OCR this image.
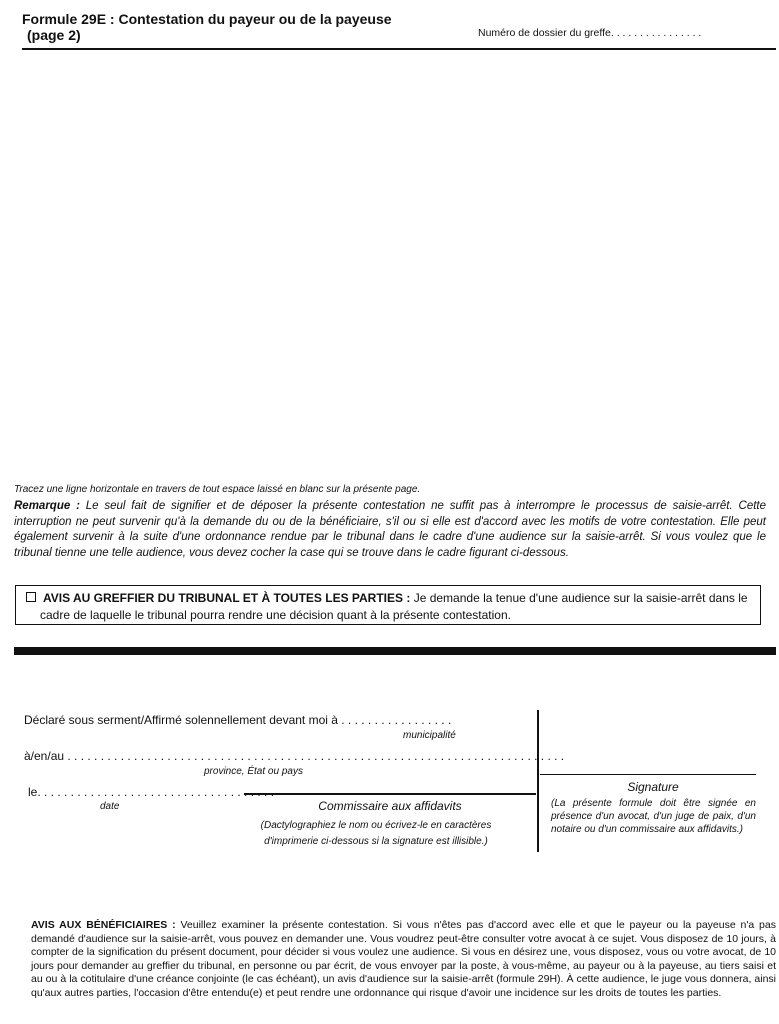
Formule 29E : Contestation du payeur ou de la payeuse
(page 2)	Numéro de dossier du greffe. . . . . . . . . . . . . . . .
Tracez une ligne horizontale en travers de tout espace laissé en blanc sur la présente page.
Remarque : Le seul fait de signifier et de déposer la présente contestation ne suffit pas à interrompre le processus de saisie-arrêt. Cette interruption ne peut survenir qu'à la demande du ou de la bénéficiaire, s'il ou si elle est d'accord avec les motifs de votre contestation. Elle peut également survenir à la suite d'une ordonnance rendue par le tribunal dans le cadre d'une audience sur la saisie-arrêt. Si vous voulez que le tribunal tienne une telle audience, vous devez cocher la case qui se trouve dans le cadre figurant ci-dessous.
AVIS AU GREFFIER DU TRIBUNAL ET À TOUTES LES PARTIES : Je demande la tenue d'une audience sur la saisie-arrêt dans le cadre de laquelle le tribunal pourra rendre une décision quant à la présente contestation.
Déclaré sous serment/Affirmé solennellement devant moi à . . . . . . . . . . . . . . . . .
municipalité
à/en/au . . . . . . . . . . . . . . . . . . . . . . . . . . . . . . . . . . . . . . . . . . . . . . . . . . . . . . . . . . . . . . . . . . . . . . . . . . .
province, État ou pays
le. . . . . . . . . . . . . . . . . . . . . . . . . . . . . . . . . . . .
date	Commissaire aux affidavits
(Dactylographiez le nom ou écrivez-le en caractères d'imprimerie ci-dessous si la signature est illisible.)
Signature
(La présente formule doit être signée en présence d'un avocat, d'un juge de paix, d'un notaire ou d'un commissaire aux affidavits.)
AVIS AUX BÉNÉFICIAIRES : Veuillez examiner la présente contestation. Si vous n'êtes pas d'accord avec elle et que le payeur ou la payeuse n'a pas demandé d'audience sur la saisie-arrêt, vous pouvez en demander une. Vous voudrez peut-être consulter votre avocat à ce sujet. Vous disposez de 10 jours, à compter de la signification du présent document, pour décider si vous voulez une audience. Si vous en désirez une, vous disposez, vous ou votre avocat, de 10 jours pour demander au greffier du tribunal, en personne ou par écrit, de vous envoyer par la poste, à vous-même, au payeur ou à la payeuse, au tiers saisi et au ou à la cotitulaire d'une créance conjointe (le cas échéant), un avis d'audience sur la saisie-arrêt (formule 29H). À cette audience, le juge vous donnera, ainsi qu'aux autres parties, l'occasion d'être entendu(e) et peut rendre une ordonnance qui risque d'avoir une incidence sur les droits de toutes les parties.
